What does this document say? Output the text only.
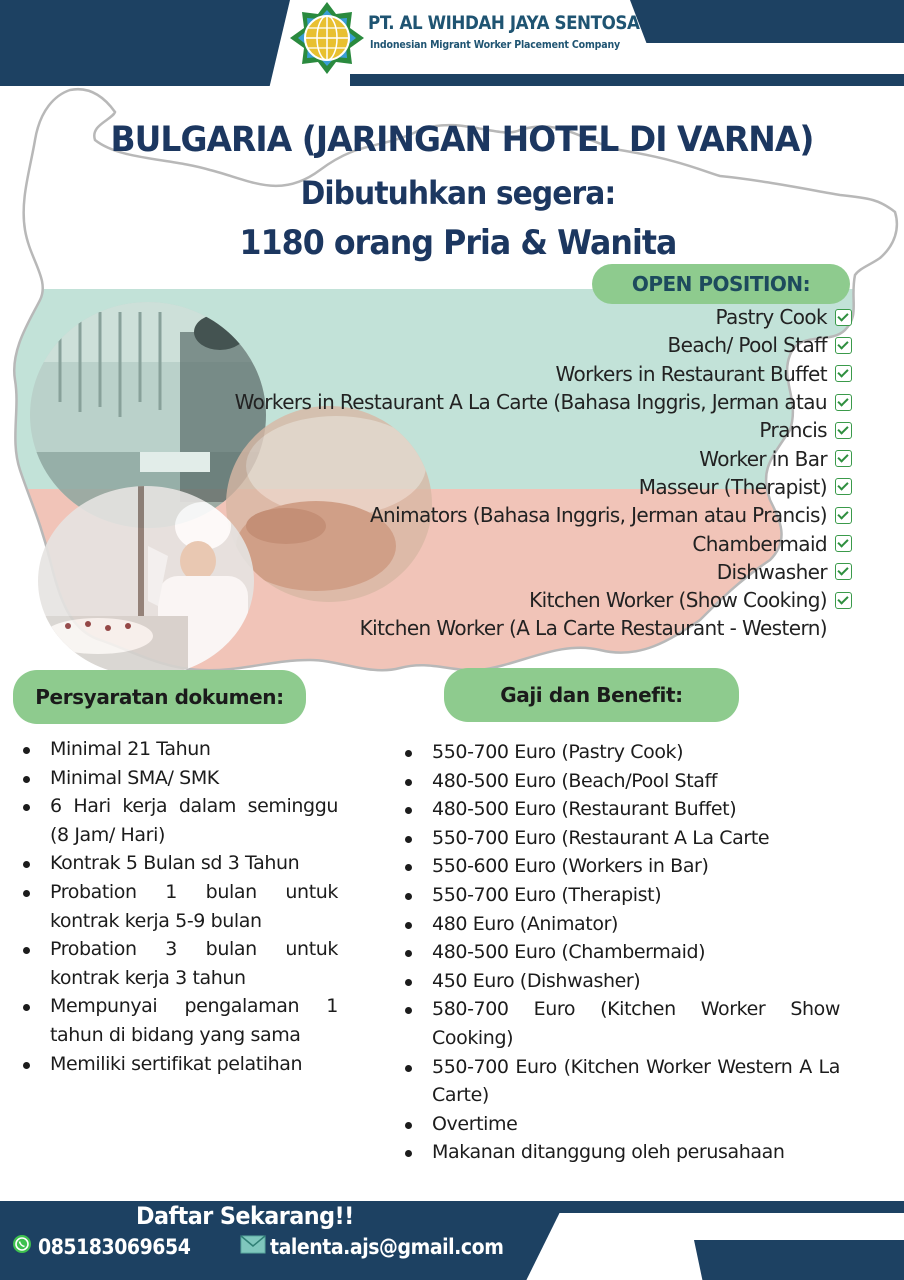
PT. AL WIHDAH JAYA SENTOSA
Indonesian Migrant Worker Placement Company
BULGARIA (JARINGAN HOTEL DI VARNA)
Dibutuhkan segera:
1180 orang Pria & Wanita
OPEN POSITION:
Pastry Cook
Beach/ Pool Staff
Workers in Restaurant Buffet
Workers in Restaurant A La Carte (Bahasa Inggris, Jerman atau
Prancis
Worker in Bar
Masseur (Therapist)
Animators (Bahasa Inggris, Jerman atau Prancis)
Chambermaid
Dishwasher
Kitchen Worker (Show Cooking)
Kitchen Worker (A La Carte Restaurant - Western)
Persyaratan dokumen:
Minimal 21 Tahun
Minimal SMA/ SMK
6 Hari kerja dalam seminggu (8 Jam/ Hari)
Kontrak 5 Bulan sd 3 Tahun
Probation 1 bulan untuk kontrak kerja 5-9 bulan
Probation 3 bulan untuk kontrak kerja 3 tahun
Mempunyai pengalaman 1 tahun di bidang yang sama
Memiliki sertifikat pelatihan
Gaji dan Benefit:
550-700 Euro (Pastry Cook)
480-500 Euro (Beach/Pool Staff
480-500 Euro (Restaurant Buffet)
550-700 Euro (Restaurant A La Carte
550-600 Euro (Workers in Bar)
550-700 Euro (Therapist)
480 Euro (Animator)
480-500 Euro (Chambermaid)
450 Euro (Dishwasher)
580-700 Euro (Kitchen Worker Show Cooking)
550-700 Euro (Kitchen Worker Western A La Carte)
Overtime
Makanan ditanggung oleh perusahaan
Daftar Sekarang!!
085183069654	talenta.ajs@gmail.com
